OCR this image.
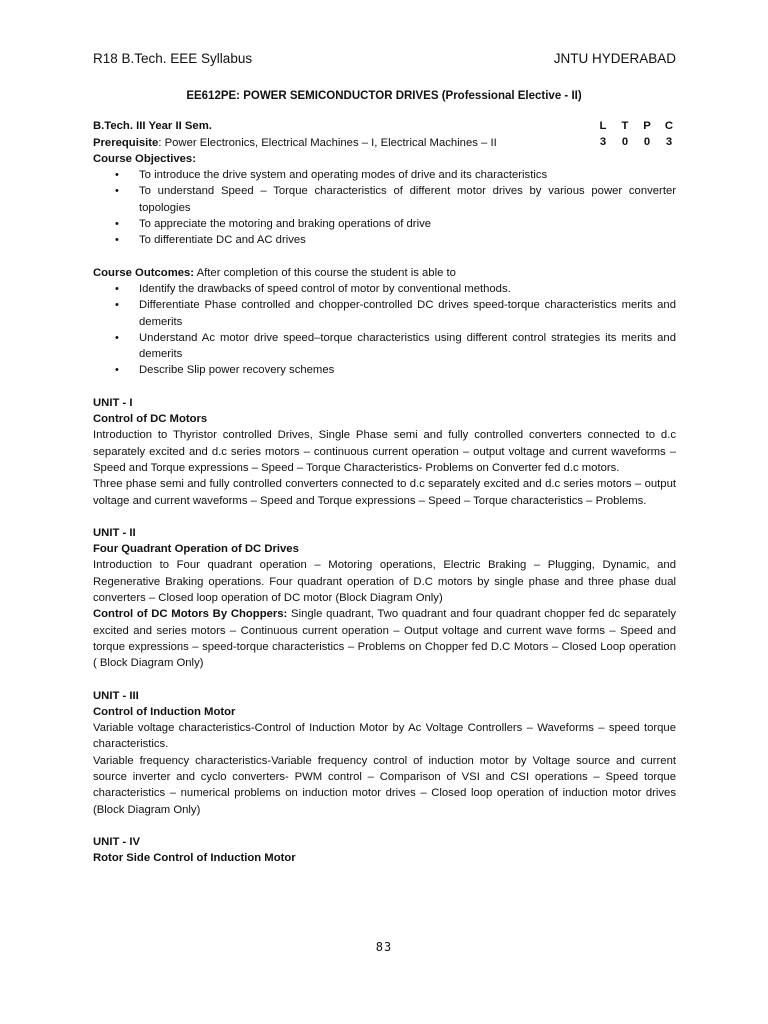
R18 B.Tech. EEE Syllabus	JNTU HYDERABAD
EE612PE: POWER SEMICONDUCTOR DRIVES (Professional Elective - II)
B.Tech. III Year II Sem.	L	T	P	C
3	0	0	3

Prerequisite: Power Electronics, Electrical Machines – I, Electrical Machines – II

Course Objectives:

• To introduce the drive system and operating modes of drive and its characteristics
• To understand Speed – Torque characteristics of different motor drives by various power converter topologies
• To appreciate the motoring and braking operations of drive
• To differentiate DC and AC drives

Course Outcomes: After completion of this course the student is able to

• Identify the drawbacks of speed control of motor by conventional methods.
• Differentiate Phase controlled and chopper-controlled DC drives speed-torque characteristics merits and demerits
• Understand Ac motor drive speed–torque characteristics using different control strategies its merits and demerits
• Describe Slip power recovery schemes

UNIT - I

Control of DC Motors

Introduction to Thyristor controlled Drives, Single Phase semi and fully controlled converters connected to d.c separately excited and d.c series motors – continuous current operation – output voltage and current waveforms – Speed and Torque expressions – Speed – Torque Characteristics- Problems on Converter fed d.c motors.

Three phase semi and fully controlled converters connected to d.c separately excited and d.c series motors – output voltage and current waveforms – Speed and Torque expressions – Speed – Torque characteristics – Problems.

UNIT - II

Four Quadrant Operation of DC Drives

Introduction to Four quadrant operation – Motoring operations, Electric Braking – Plugging, Dynamic, and Regenerative Braking operations. Four quadrant operation of D.C motors by single phase and three phase dual converters – Closed loop operation of DC motor (Block Diagram Only)

Control of DC Motors By Choppers: Single quadrant, Two quadrant and four quadrant chopper fed dc separately excited and series motors – Continuous current operation – Output voltage and current wave forms – Speed and torque expressions – speed-torque characteristics – Problems on Chopper fed D.C Motors – Closed Loop operation ( Block Diagram Only)

UNIT - III

Control of Induction Motor

Variable voltage characteristics-Control of Induction Motor by Ac Voltage Controllers – Waveforms – speed torque characteristics.

Variable frequency characteristics-Variable frequency control of induction motor by Voltage source and current source inverter and cyclo converters- PWM control – Comparison of VSI and CSI operations – Speed torque characteristics – numerical problems on induction motor drives – Closed loop operation of induction motor drives (Block Diagram Only)

UNIT - IV

Rotor Side Control of Induction Motor

83
